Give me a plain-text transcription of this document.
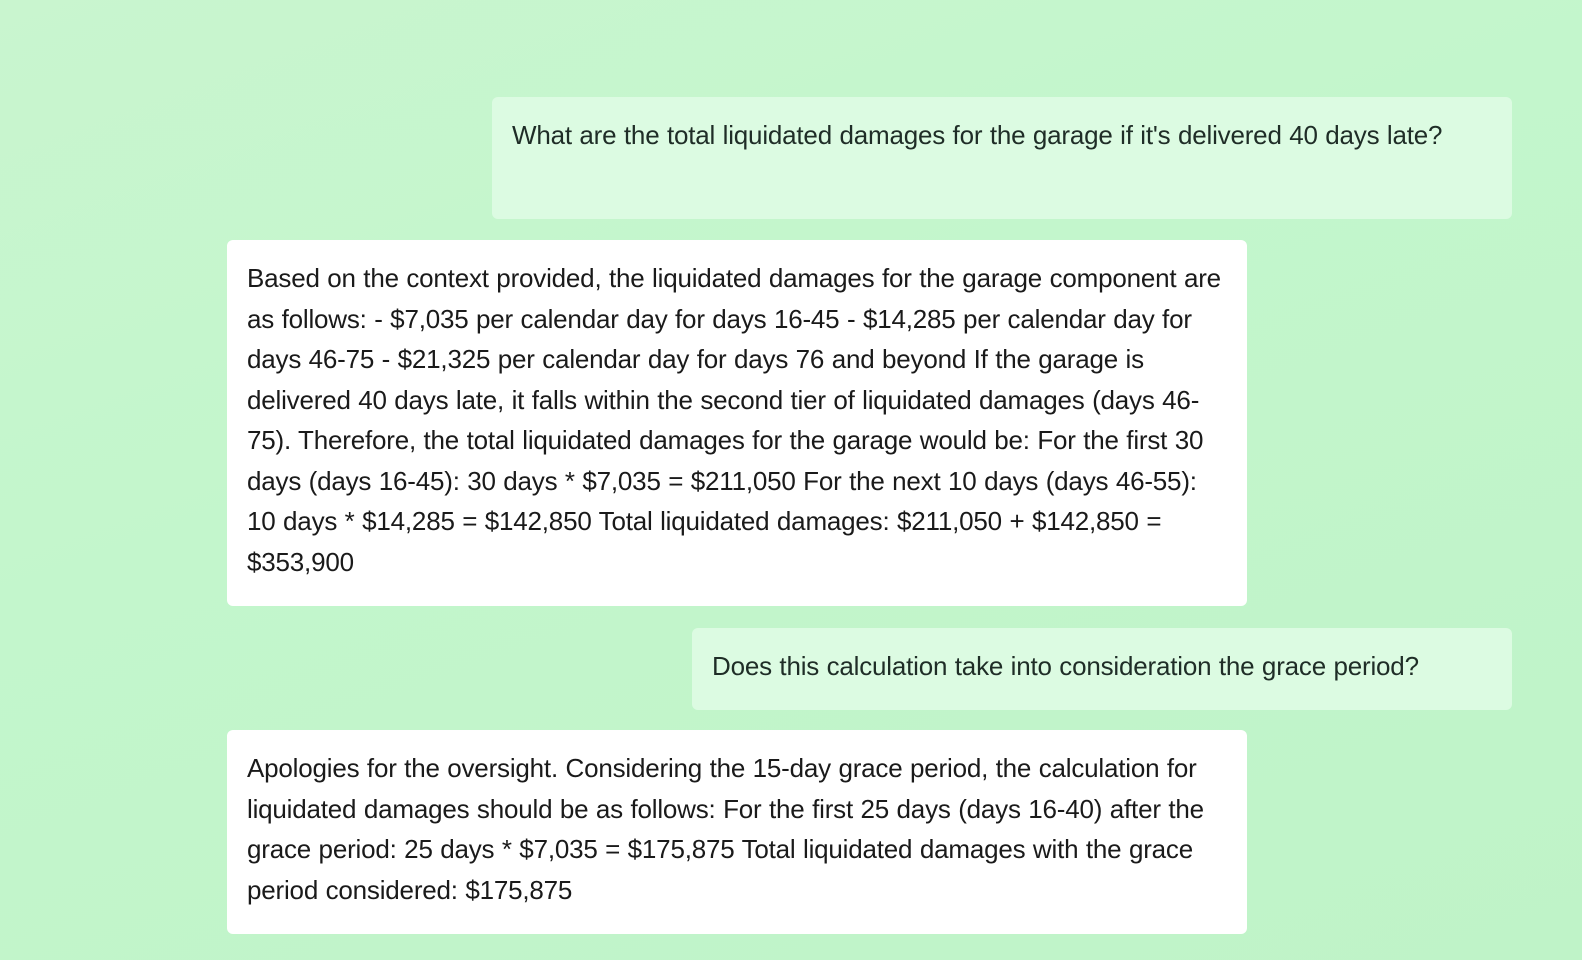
What are the total liquidated damages for the garage if it's delivered 40 days late?
Based on the context provided, the liquidated damages for the garage component are as follows: - $7,035 per calendar day for days 16-45 - $14,285 per calendar day for days 46-75 - $21,325 per calendar day for days 76 and beyond If the garage is delivered 40 days late, it falls within the second tier of liquidated damages (days 46-75). Therefore, the total liquidated damages for the garage would be: For the first 30 days (days 16-45): 30 days * $7,035 = $211,050 For the next 10 days (days 46-55): 10 days * $14,285 = $142,850 Total liquidated damages: $211,050 + $142,850 = $353,900
Does this calculation take into consideration the grace period?
Apologies for the oversight. Considering the 15-day grace period, the calculation for liquidated damages should be as follows: For the first 25 days (days 16-40) after the grace period: 25 days * $7,035 = $175,875 Total liquidated damages with the grace period considered: $175,875
